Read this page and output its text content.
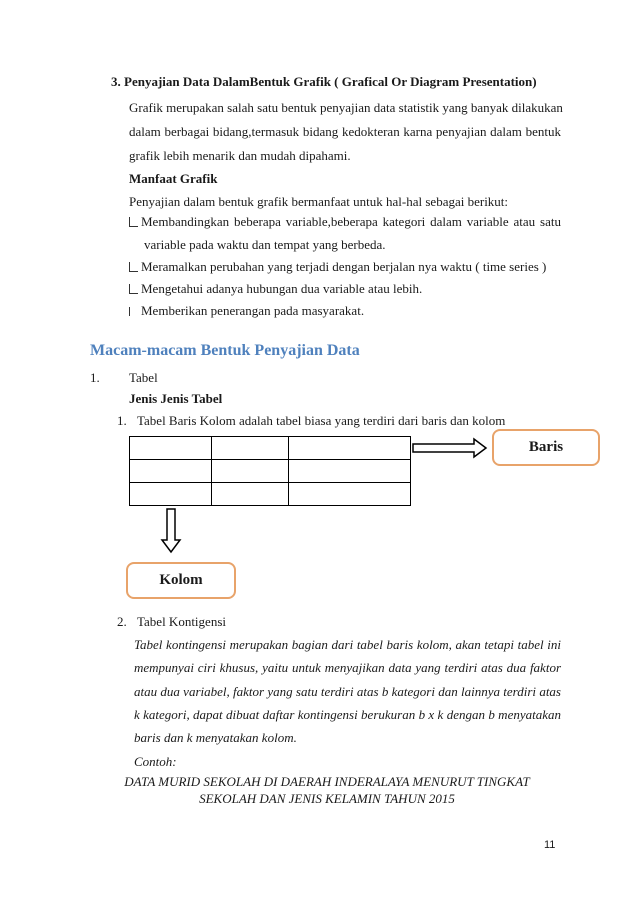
3. Penyajian Data DalamBentuk Grafik ( Grafical Or Diagram Presentation)
Grafik merupakan salah satu bentuk penyajian data statistik yang banyak dilakukan
dalam berbagai bidang,termasuk bidang kedokteran karna penyajian dalam bentuk
grafik lebih menarik dan mudah dipahami.
Manfaat Grafik
Penyajian dalam bentuk grafik bermanfaat untuk hal-hal sebagai berikut:
Membandingkan beberapa variable,beberapa kategori dalam variable atau satu
variable pada waktu dan tempat yang berbeda.
Meramalkan perubahan yang terjadi dengan berjalan nya waktu ( time series )
Mengetahui adanya hubungan dua variable atau lebih.
Memberikan penerangan pada masyarakat.
Macam-macam Bentuk Penyajian Data
1. Tabel
Jenis Jenis Tabel
1. Tabel Baris Kolom adalah tabel biasa yang terdiri dari baris dan kolom

Baris
Kolom
2. Tabel Kontigensi
Tabel kontingensi merupakan bagian dari tabel baris kolom, akan tetapi tabel ini
mempunyai ciri khusus, yaitu untuk menyajikan data yang terdiri atas dua faktor
atau dua variabel, faktor yang satu terdiri atas b kategori dan lainnya terdiri atas
k kategori, dapat dibuat daftar kontingensi berukuran b x k dengan b menyatakan
baris dan k menyatakan kolom.
Contoh:
DATA MURID SEKOLAH DI DAERAH INDERALAYA MENURUT TINGKAT
SEKOLAH DAN JENIS KELAMIN TAHUN 2015
11
